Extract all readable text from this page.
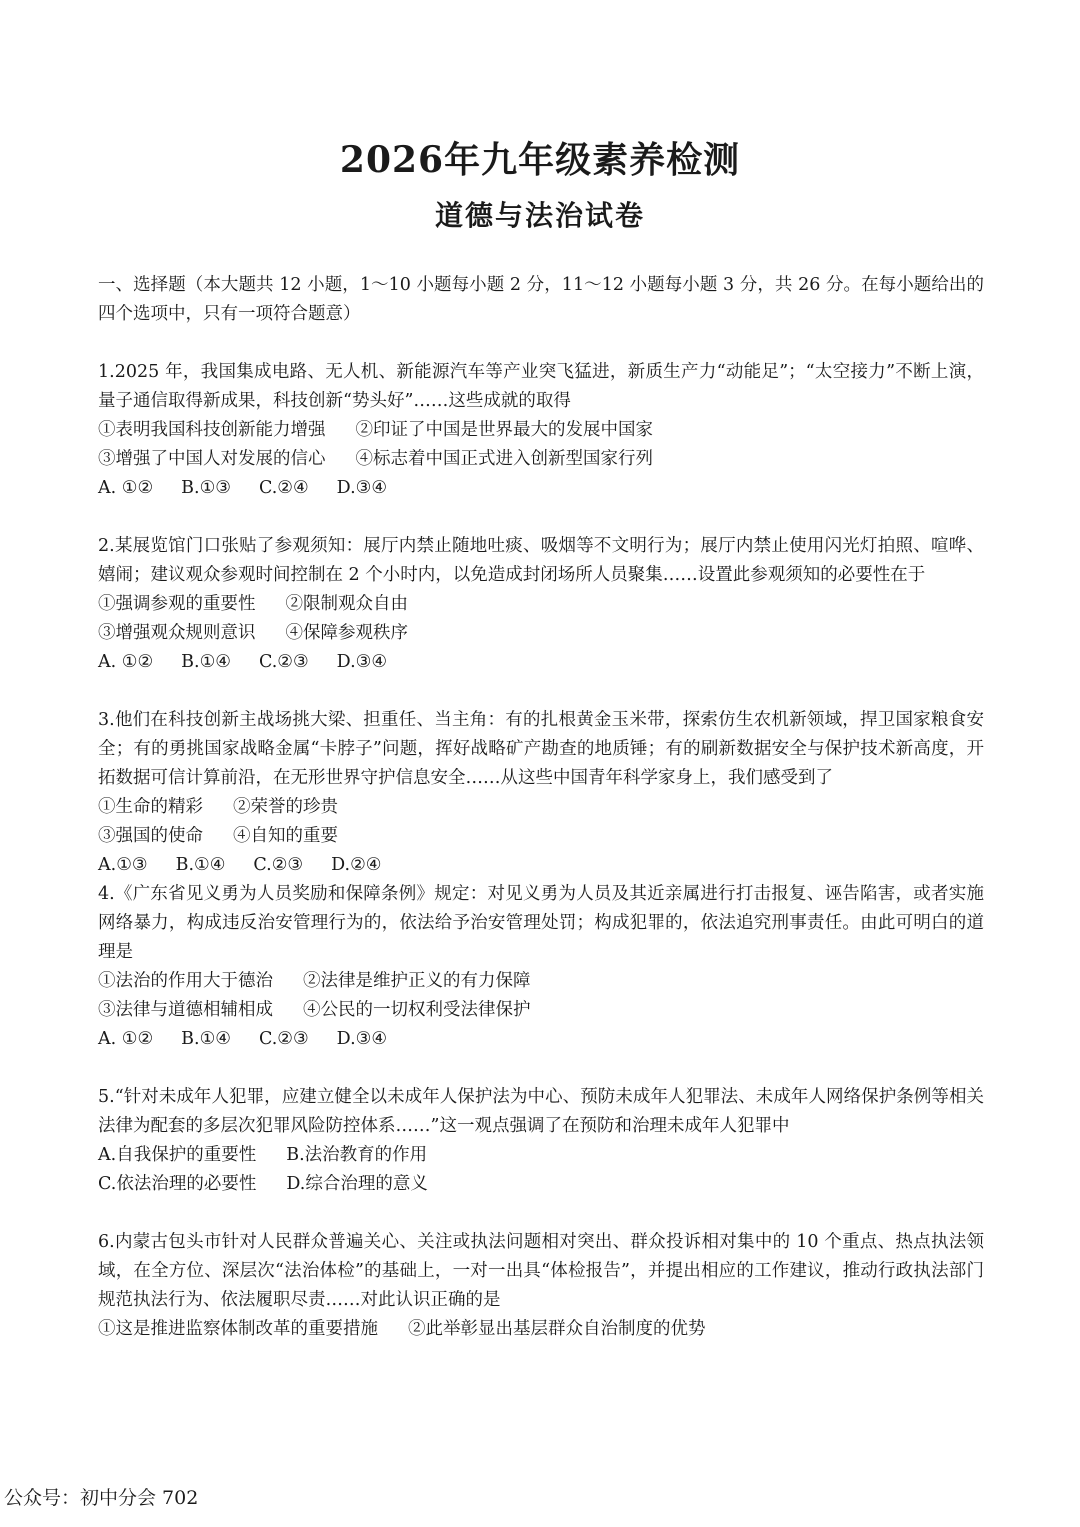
2026年九年级素养检测
道德与法治试卷

一、选择题（本大题共 12 小题，1～10 小题每小题 2 分，11～12 小题每小题 3 分，共 26 分。在每小题给出的四个选项中，只有一项符合题意）

1.2025 年，我国集成电路、无人机、新能源汽车等产业突飞猛进，新质生产力“动能足”；“太空接力”不断上演，量子通信取得新成果，科技创新“势头好”……这些成就的取得

①表明我国科技创新能力增强 ②印证了中国是世界最大的发展中国家
③增强了中国人对发展的信心 ④标志着中国正式进入创新型国家行列
A. ①② B.①③ C.②④ D.③④

2.某展览馆门口张贴了参观须知：展厅内禁止随地吐痰、吸烟等不文明行为；展厅内禁止使用闪光灯拍照、喧哗、嬉闹；建议观众参观时间控制在 2 个小时内，以免造成封闭场所人员聚集……设置此参观须知的必要性在于

①强调参观的重要性 ②限制观众自由
③增强观众规则意识 ④保障参观秩序
A. ①② B.①④ C.②③ D.③④

3.他们在科技创新主战场挑大梁、担重任、当主角：有的扎根黄金玉米带，探索仿生农机新领域，捍卫国家粮食安全；有的勇挑国家战略金属“卡脖子”问题，挥好战略矿产勘查的地质锤；有的刷新数据安全与保护技术新高度，开拓数据可信计算前沿，在无形世界守护信息安全……从这些中国青年科学家身上，我们感受到了

①生命的精彩 ②荣誉的珍贵
③强国的使命 ④自知的重要
A.①③ B.①④ C.②③ D.②④

4.《广东省见义勇为人员奖励和保障条例》规定：对见义勇为人员及其近亲属进行打击报复、诬告陷害，或者实施网络暴力，构成违反治安管理行为的，依法给予治安管理处罚；构成犯罪的，依法追究刑事责任。由此可明白的道理是

①法治的作用大于德治 ②法律是维护正义的有力保障
③法律与道德相辅相成 ④公民的一切权利受法律保护
A. ①② B.①④ C.②③ D.③④

5.“针对未成年人犯罪，应建立健全以未成年人保护法为中心、预防未成年人犯罪法、未成年人网络保护条例等相关法律为配套的多层次犯罪风险防控体系……”这一观点强调了在预防和治理未成年人犯罪中

A.自我保护的重要性 B.法治教育的作用
C.依法治理的必要性 D.综合治理的意义

6.内蒙古包头市针对人民群众普遍关心、关注或执法问题相对突出、群众投诉相对集中的 10 个重点、热点执法领域，在全方位、深层次“法治体检”的基础上，一对一出具“体检报告”，并提出相应的工作建议，推动行政执法部门规范执法行为、依法履职尽责……对此认识正确的是

①这是推进监察体制改革的重要措施 ②此举彰显出基层群众自治制度的优势
公众号：初中分会 702
